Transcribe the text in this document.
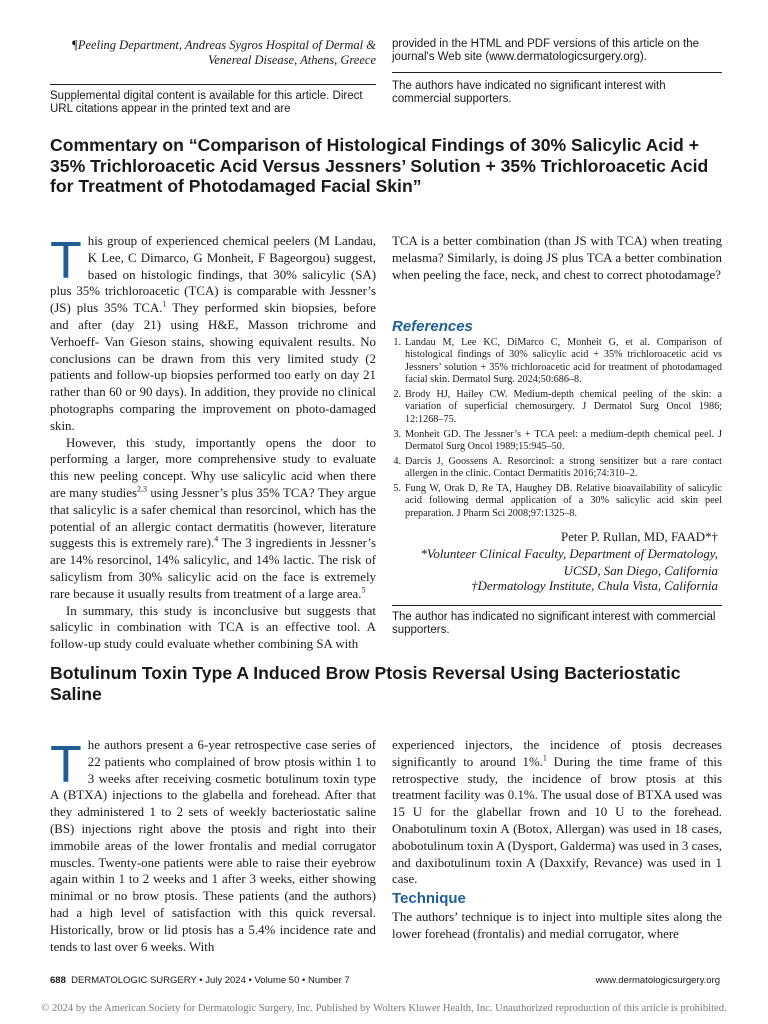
¶Peeling Department, Andreas Sygros Hospital of Dermal & Venereal Disease, Athens, Greece
Supplemental digital content is available for this article. Direct URL citations appear in the printed text and are
provided in the HTML and PDF versions of this article on the journal's Web site (www.dermatologicsurgery.org).
The authors have indicated no significant interest with commercial supporters.
Commentary on “Comparison of Histological Findings of 30% Salicylic Acid + 35% Trichloroacetic Acid Versus Jessners’ Solution + 35% Trichloroacetic Acid for Treatment of Photodamaged Facial Skin”

This group of experienced chemical peelers (M Landau, K Lee, C Dimarco, G Monheit, F Bageorgou) suggest, based on histologic findings, that 30% salicylic (SA) plus 35% trichloroacetic (TCA) is comparable with Jessner’s (JS) plus 35% TCA.$^1$ They performed skin biopsies, before and after (day 21) using H&E, Masson trichrome and Verhoeff- Van Gieson stains, showing equivalent results. No conclusions can be drawn from this very limited study (2 patients and follow-up biopsies performed too early on day 21 rather than 60 or 90 days). In addition, they provide no clinical photographs comparing the improvement on photo-damaged skin.

However, this study, importantly opens the door to performing a larger, more comprehensive study to evaluate this new peeling concept. Why use salicylic acid when there are many studies$^{2,3}$ using Jessner’s plus 35% TCA? They argue that salicylic is a safer chemical than resorcinol, which has the potential of an allergic contact dermatitis (however, literature suggests this is extremely rare).$^4$ The 3 ingredients in Jessner’s are 14% resorcinol, 14% salicylic, and 14% lactic. The risk of salicylism from 30% salicylic acid on the face is extremely rare because it usually results from treatment of a large area.$^5$

In summary, this study is inconclusive but suggests that salicylic in combination with TCA is an effective tool. A follow-up study could evaluate whether combining SA with

TCA is a better combination (than JS with TCA) when treating melasma? Similarly, is doing JS plus TCA a better combination when peeling the face, neck, and chest to correct photodamage?
References
1. Landau M, Lee KC, DiMarco C, Monheit G, et al. Comparison of histological findings of 30% salicylic acid + 35% trichloroacetic acid vs Jessners’ solution + 35% trichloroacetic acid for treatment of photodamaged facial skin. Dermatol Surg. 2024;50:686–8.
2. Brody HJ, Hailey CW. Medium-depth chemical peeling of the skin: a variation of superficial chemosurgery. J Dermatol Surg Oncol 1986; 12:1268–75.
3. Monheit GD. The Jessner’s + TCA peel: a medium-depth chemical peel. J Dermatol Surg Oncol 1989;15:945–50.
4. Darcis J, Goossens A. Resorcinol: a strong sensitizer but a rare contact allergen in the clinic. Contact Dermatitis 2016;74:310–2.
5. Fung W, Orak D, Re TA, Haughey DB. Relative bioavailability of salicylic acid following dermal application of a 30% salicylic acid skin peel preparation. J Pharm Sci 2008;97:1325–8.
Peter P. Rullan, MD, FAAD*†
*Volunteer Clinical Faculty, Department of Dermatology, UCSD, San Diego, California
†Dermatology Institute, Chula Vista, California
The author has indicated no significant interest with commercial supporters.
Botulinum Toxin Type A Induced Brow Ptosis Reversal Using Bacteriostatic Saline

The authors present a 6-year retrospective case series of 22 patients who complained of brow ptosis within 1 to 3 weeks after receiving cosmetic botulinum toxin type A (BTXA) injections to the glabella and forehead. After that they administered 1 to 2 sets of weekly bacteriostatic saline (BS) injections right above the ptosis and right into their immobile areas of the lower frontalis and medial corrugator muscles. Twenty-one patients were able to raise their eyebrow again within 1 to 2 weeks and 1 after 3 weeks, either showing minimal or no brow ptosis. These patients (and the authors) had a high level of satisfaction with this quick reversal. Historically, brow or lid ptosis has a 5.4% incidence rate and tends to last over 6 weeks. With

experienced injectors, the incidence of ptosis decreases significantly to around 1%.$^1$ During the time frame of this retrospective study, the incidence of brow ptosis at this treatment facility was 0.1%. The usual dose of BTXA used was 15 U for the glabellar frown and 10 U to the forehead. Onabotulinum toxin A (Botox, Allergan) was used in 18 cases, abobotulinum toxin A (Dysport, Galderma) was used in 3 cases, and daxibotulinum toxin A (Daxxify, Revance) was used in 1 case.
Technique
The authors’ technique is to inject into multiple sites along the lower forehead (frontalis) and medial corrugator, where
688 DERMATOLOGIC SURGERY • July 2024 • Volume 50 • Number 7	www.dermatologicsurgery.org
© 2024 by the American Society for Dermatologic Surgery, Inc. Published by Wolters Kluwer Health, Inc. Unauthorized reproduction of this article is prohibited.
